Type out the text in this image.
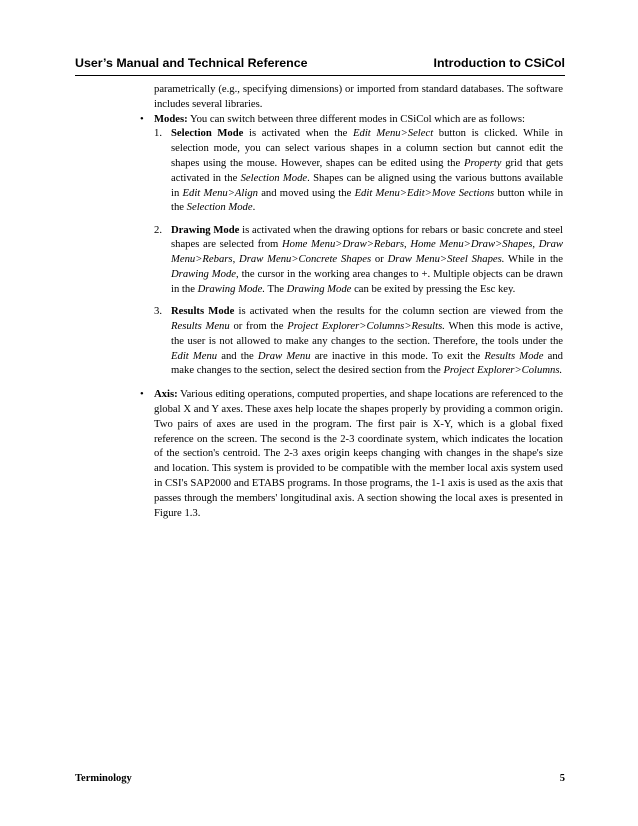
User’s Manual and Technical Reference	Introduction to CSiCol

parametrically (e.g., specifying dimensions) or imported from standard databases. The software includes several libraries.

• Modes: You can switch between three different modes in CSiCol which are as follows:

1. Selection Mode is activated when the Edit Menu>Select button is clicked. While in selection mode, you can select various shapes in a column section but cannot edit the shapes using the mouse. However, shapes can be edited using the Property grid that gets activated in the Selection Mode. Shapes can be aligned using the various buttons available in Edit Menu>Align and moved using the Edit Menu>Edit>Move Sections button while in the Selection Mode.

2. Drawing Mode is activated when the drawing options for rebars or basic concrete and steel shapes are selected from Home Menu>Draw>Rebars, Home Menu>Draw>Shapes, Draw Menu>Rebars, Draw Menu>Concrete Shapes or Draw Menu>Steel Shapes. While in the Drawing Mode, the cursor in the working area changes to +. Multiple objects can be drawn in the Drawing Mode. The Drawing Mode can be exited by pressing the Esc key.

3. Results Mode is activated when the results for the column section are viewed from the Results Menu or from the Project Explorer>Columns>Results. When this mode is active, the user is not allowed to make any changes to the section. Therefore, the tools under the Edit Menu and the Draw Menu are inactive in this mode. To exit the Results Mode and make changes to the section, select the desired section from the Project Explorer>Columns.

• Axis: Various editing operations, computed properties, and shape locations are referenced to the global X and Y axes. These axes help locate the shapes properly by providing a common origin. Two pairs of axes are used in the program. The first pair is X-Y, which is a global fixed reference on the screen. The second is the 2-3 coordinate system, which indicates the location of the section's centroid. The 2-3 axes origin keeps changing with changes in the shape's size and location. This system is provided to be compatible with the member local axis system used in CSI's SAP2000 and ETABS programs. In those programs, the 1-1 axis is used as the axis that passes through the members' longitudinal axis. A section showing the local axes is presented in Figure 1.3.

Terminology	5
